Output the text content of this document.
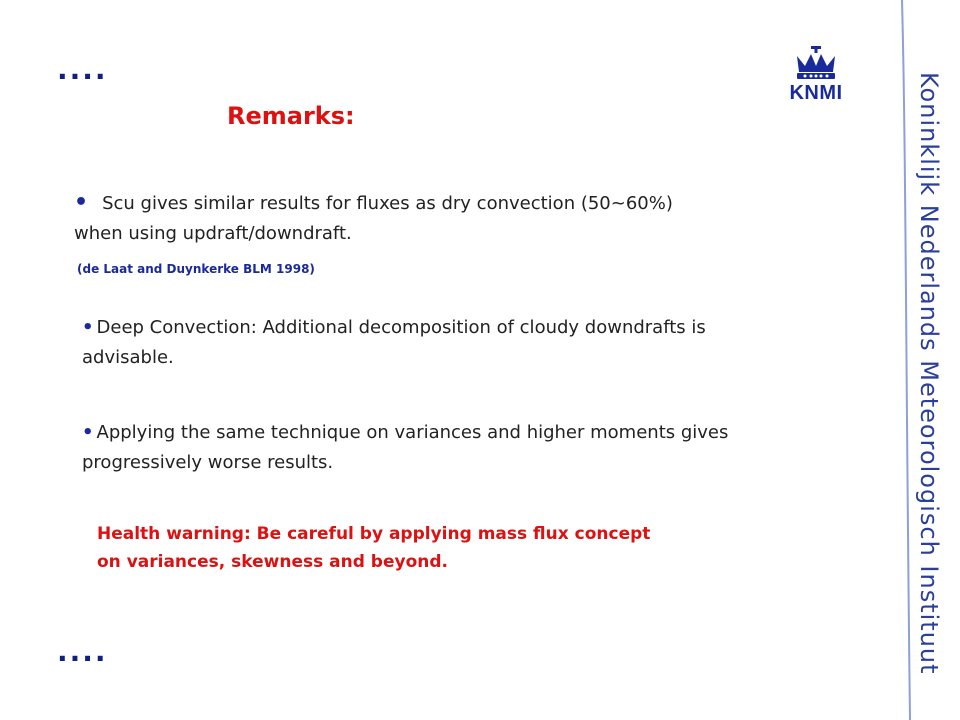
....
Remarks:
KNMI
• Scu gives similar results for fluxes as dry convection (50~60%) when using updraft/downdraft.
(de Laat and Duynkerke BLM 1998)
• Deep Convection: Additional decomposition of cloudy downdrafts is advisable.
• Applying the same technique on variances and higher moments gives progressively worse results.
Health warning: Be careful by applying mass flux concept on variances, skewness and beyond.
....	Koninklijk Nederlands Meteorologisch Instituut
